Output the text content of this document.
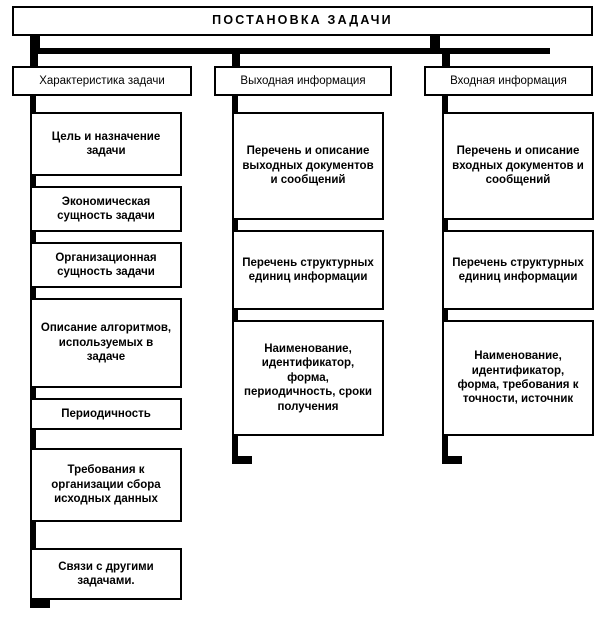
ПОСТАНОВКА ЗАДАЧИ
Характеристика задачи
Цель и назначение задачи
Экономическая сущность задачи
Организационная сущность задачи
Описание алгоритмов, используемых в задаче
Периодичность
Требования к организации сбора исходных данных
Связи с другими задачами.
Выходная информация
Перечень и описание выходных документов и сообщений
Перечень структурных единиц информации
Наименование, идентификатор, форма, периодичность, сроки получения
Входная информация
Перечень и описание входных документов и сообщений
Перечень структурных единиц информации
Наименование, идентификатор, форма, требования к точности, источник
